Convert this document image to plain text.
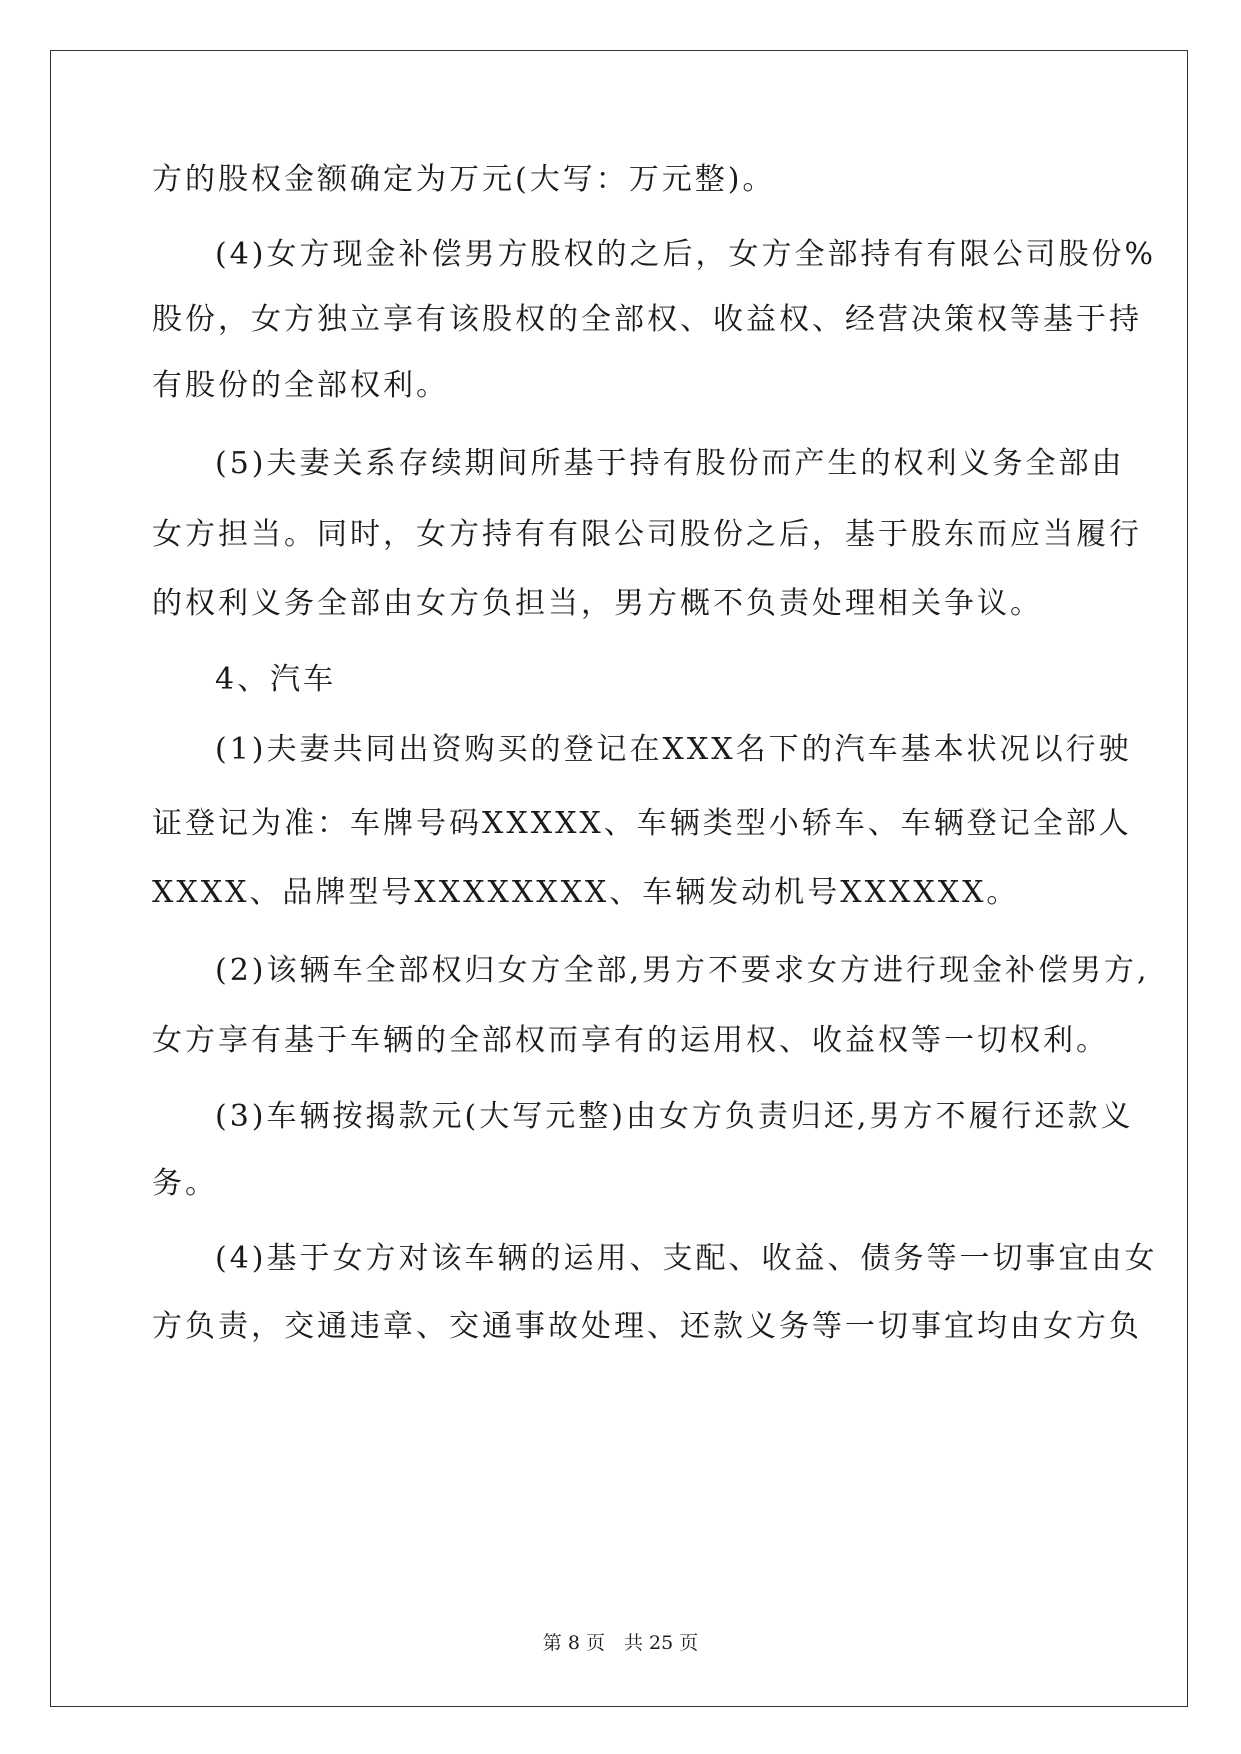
方的股权金额确定为万元(大写：万元整)。
(4)女方现金补偿男方股权的之后，女方全部持有有限公司股份%
股份，女方独立享有该股权的全部权、收益权、经营决策权等基于持
有股份的全部权利。
(5)夫妻关系存续期间所基于持有股份而产生的权利义务全部由
女方担当。同时，女方持有有限公司股份之后，基于股东而应当履行
的权利义务全部由女方负担当，男方概不负责处理相关争议。
4、汽车
(1)夫妻共同出资购买的登记在XXX名下的汽车基本状况以行驶
证登记为准：车牌号码XXXXX、车辆类型小轿车、车辆登记全部人
XXXX、品牌型号XXXXXXXX、车辆发动机号XXXXXX。
(2)该辆车全部权归女方全部,男方不要求女方进行现金补偿男方,
女方享有基于车辆的全部权而享有的运用权、收益权等一切权利。
(3)车辆按揭款元(大写元整)由女方负责归还,男方不履行还款义
务。
(4)基于女方对该车辆的运用、支配、收益、债务等一切事宜由女
方负责，交通违章、交通事故处理、还款义务等一切事宜均由女方负
第 8 页　共 25 页
